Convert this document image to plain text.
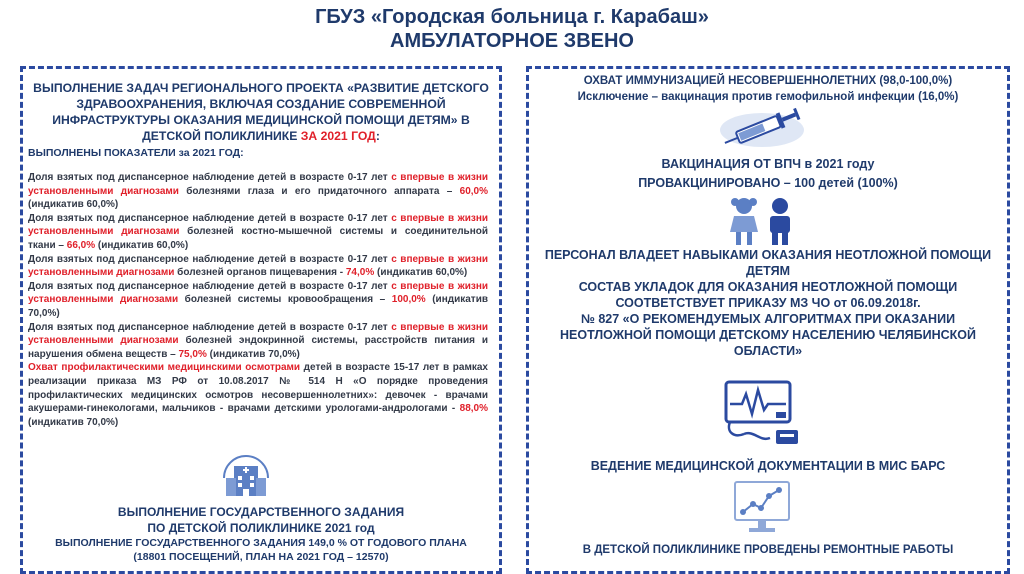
ГБУЗ «Городская больница г. Карабаш»
АМБУЛАТОРНОЕ ЗВЕНО
ВЫПОЛНЕНИЕ ЗАДАЧ РЕГИОНАЛЬНОГО ПРОЕКТА «РАЗВИТИЕ ДЕТСКОГО ЗДРАВООХРАНЕНИЯ, ВКЛЮЧАЯ СОЗДАНИЕ СОВРЕМЕННОЙ ИНФРАСТРУКТУРЫ ОКАЗАНИЯ МЕДИЦИНСКОЙ ПОМОЩИ ДЕТЯМ» В ДЕТСКОЙ ПОЛИКЛИНИКЕ ЗА 2021 ГОД:
ВЫПОЛНЕНЫ ПОКАЗАТЕЛИ за 2021 ГОД:

Доля взятых под диспансерное наблюдение детей в возрасте 0-17 лет с впервые в жизни установленными диагнозами болезнями глаза и его придаточного аппарата – 60,0% (индикатив 60,0%)

Доля взятых под диспансерное наблюдение детей в возрасте 0-17 лет с впервые в жизни установленными диагнозами болезней костно-мышечной системы и соединительной ткани – 66,0% (индикатив 60,0%)

Доля взятых под диспансерное наблюдение детей в возрасте 0-17 лет с впервые в жизни установленными диагнозами болезней органов пищеварения - 74,0% (индикатив 60,0%)

Доля взятых под диспансерное наблюдение детей в возрасте 0-17 лет с впервые в жизни установленными диагнозами болезней системы кровообращения – 100,0% (индикатив 70,0%)

Доля взятых под диспансерное наблюдение детей в возрасте 0-17 лет с впервые в жизни установленными диагнозами болезней эндокринной системы, расстройств питания и нарушения обмена веществ – 75,0% (индикатив 70,0%)

Охват профилактическими медицинскими осмотрами детей в возрасте 15-17 лет в рамках реализации приказа МЗ РФ от 10.08.2017 № 514 Н «О порядке проведения профилактических медицинских осмотров несовершеннолетних»: девочек - врачами акушерами-гинекологами, мальчиков - врачами детскими урологами-андрологами - 88,0% (индикатив 70,0%)

ВЫПОЛНЕНИЕ ГОСУДАРСТВЕННОГО ЗАДАНИЯ
ПО ДЕТСКОЙ ПОЛИКЛИНИКЕ 2021 год
ВЫПОЛНЕНИЕ ГОСУДАРСТВЕННОГО ЗАДАНИЯ 149,0 % ОТ ГОДОВОГО ПЛАНА
(18801 ПОСЕЩЕНИЙ, ПЛАН НА 2021 ГОД – 12570)
ОХВАТ ИММУНИЗАЦИЕЙ НЕСОВЕРШЕННОЛЕТНИХ (98,0-100,0%)
Исключение – вакцинация против гемофильной инфекции (16,0%)
ВАКЦИНАЦИЯ ОТ ВПЧ в 2021 году
ПРОВАКЦИНИРОВАНО – 100 детей (100%)
ПЕРСОНАЛ ВЛАДЕЕТ НАВЫКАМИ ОКАЗАНИЯ НЕОТЛОЖНОЙ ПОМОЩИ ДЕТЯМ
СОСТАВ УКЛАДОК ДЛЯ ОКАЗАНИЯ НЕОТЛОЖНОЙ ПОМОЩИ СООТВЕТСТВУЕТ ПРИКАЗУ МЗ ЧО от 06.09.2018г.
№ 827 «О РЕКОМЕНДУЕМЫХ АЛГОРИТМАХ ПРИ ОКАЗАНИИ НЕОТЛОЖНОЙ ПОМОЩИ ДЕТСКОМУ НАСЕЛЕНИЮ ЧЕЛЯБИНСКОЙ ОБЛАСТИ»
ВЕДЕНИЕ МЕДИЦИНСКОЙ ДОКУМЕНТАЦИИ В МИС БАРС
В ДЕТСКОЙ ПОЛИКЛИНИКЕ ПРОВЕДЕНЫ РЕМОНТНЫЕ РАБОТЫ
